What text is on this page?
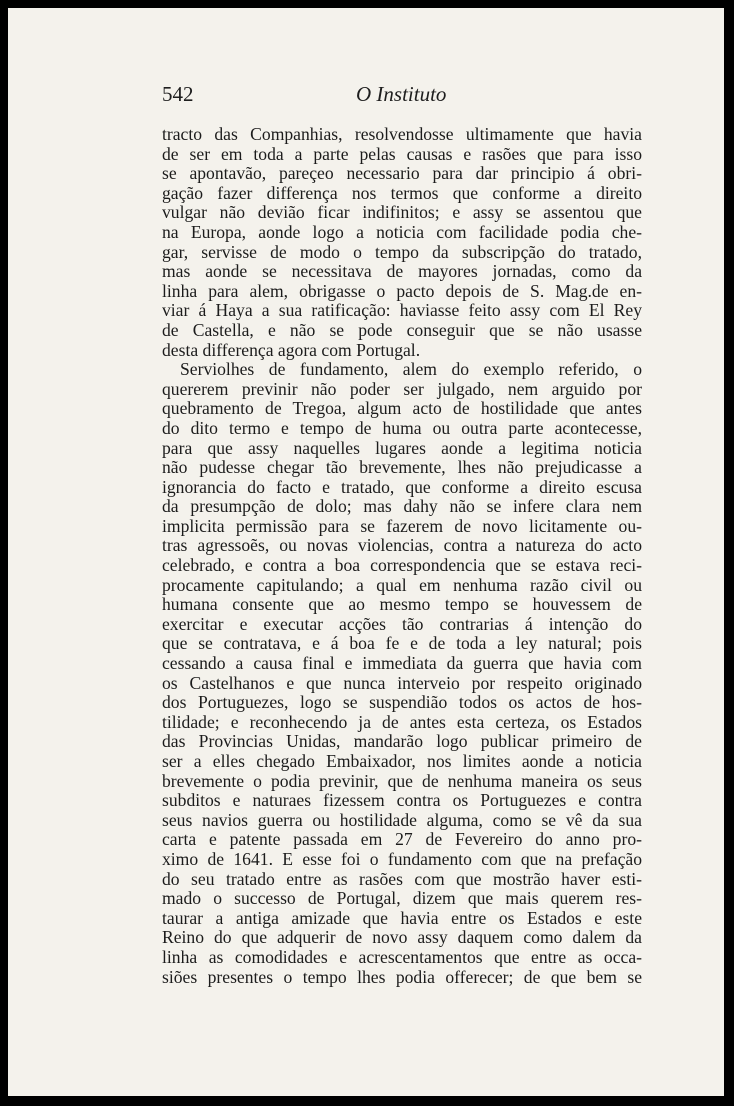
542	O Instituto
tracto das Companhias, resolvendosse ultimamente que havia
de ser em toda a parte pelas causas e rasões que para isso
se apontavão, pareçeo necessario para dar principio á obri-
gação fazer differença nos termos que conforme a direito
vulgar não devião ficar indifinitos; e assy se assentou que
na Europa, aonde logo a noticia com facilidade podia che-
gar, servisse de modo o tempo da subscripção do tratado,
mas aonde se necessitava de mayores jornadas, como da
linha para alem, obrigasse o pacto depois de S. Mag.de en-
viar á Haya a sua ratificação: haviasse feito assy com El Rey
de Castella, e não se pode conseguir que se não usasse
desta differença agora com Portugal.
Serviolhes de fundamento, alem do exemplo referido, o
quererem previnir não poder ser julgado, nem arguido por
quebramento de Tregoa, algum acto de hostilidade que antes
do dito termo e tempo de huma ou outra parte acontecesse,
para que assy naquelles lugares aonde a legitima noticia
não pudesse chegar tão brevemente, lhes não prejudicasse a
ignorancia do facto e tratado, que conforme a direito escusa
da presumpção de dolo; mas dahy não se infere clara nem
implicita permissão para se fazerem de novo licitamente ou-
tras agressoẽs, ou novas violencias, contra a natureza do acto
celebrado, e contra a boa correspondencia que se estava reci-
procamente capitulando; a qual em nenhuma razão civil ou
humana consente que ao mesmo tempo se houvessem de
exercitar e executar acções tão contrarias á intenção do
que se contratava, e á boa fe e de toda a ley natural; pois
cessando a causa final e immediata da guerra que havia com
os Castelhanos e que nunca interveio por respeito originado
dos Portuguezes, logo se suspendião todos os actos de hos-
tilidade; e reconhecendo ja de antes esta certeza, os Estados
das Provincias Unidas, mandarão logo publicar primeiro de
ser a elles chegado Embaixador, nos limites aonde a noticia
brevemente o podia previnir, que de nenhuma maneira os seus
subditos e naturaes fizessem contra os Portuguezes e contra
seus navios guerra ou hostilidade alguma, como se vê da sua
carta e patente passada em 27 de Fevereiro do anno pro-
ximo de 1641. E esse foi o fundamento com que na prefação
do seu tratado entre as rasões com que mostrão haver esti-
mado o successo de Portugal, dizem que mais querem res-
taurar a antiga amizade que havia entre os Estados e este
Reino do que adquerir de novo assy daquem como dalem da
linha as comodidades e acrescentamentos que entre as occa-
siões presentes o tempo lhes podia offerecer; de que bem se
